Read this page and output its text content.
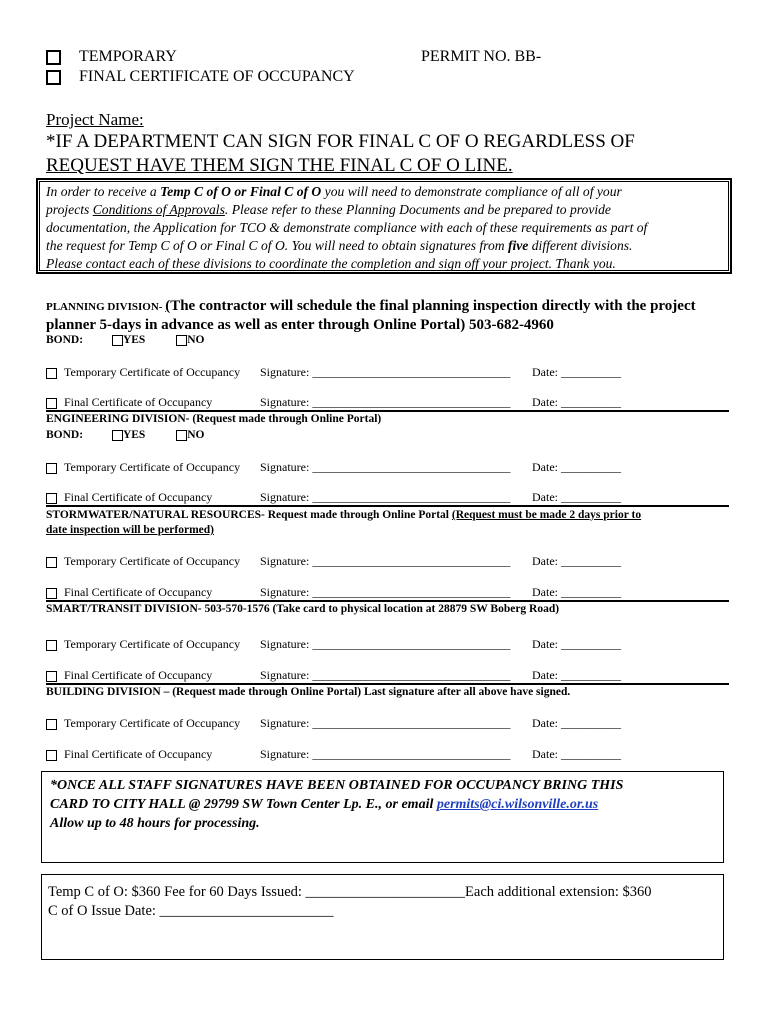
TEMPORARY	PERMIT NO. BB-
FINAL CERTIFICATE OF OCCUPANCY
Project Name:
*IF A DEPARTMENT CAN SIGN FOR FINAL C OF O REGARDLESS OF
REQUEST HAVE THEM SIGN THE FINAL C OF O LINE.
In order to receive a Temp C of O or Final C of O you will need to demonstrate compliance of all of your
projects Conditions of Approvals. Please refer to these Planning Documents and be prepared to provide
documentation, the Application for TCO & demonstrate compliance with each of these requirements as part of
the request for Temp C of O or Final C of O. You will need to obtain signatures from five different divisions.
Please contact each of these divisions to coordinate the completion and sign off your project. Thank you.
PLANNING DIVISION- (The contractor will schedule the final planning inspection directly with the project
planner 5-days in advance as well as enter through Online Portal) 503-682-4960
BOND:	YES	NO
Temporary Certificate of Occupancy Signature: _________________________________ Date: __________
Final Certificate of Occupancy	Signature: _________________________________ Date: __________
ENGINEERING DIVISION- (Request made through Online Portal)
BOND:	YES	NO
Temporary Certificate of Occupancy Signature: _________________________________ Date: __________
Final Certificate of Occupancy	Signature: _________________________________ Date: __________
STORMWATER/NATURAL RESOURCES- Request made through Online Portal (Request must be made 2 days prior to
date inspection will be performed)
Temporary Certificate of Occupancy Signature: _________________________________ Date: __________
Final Certificate of Occupancy	Signature: _________________________________ Date: __________
SMART/TRANSIT DIVISION- 503-570-1576 (Take card to physical location at 28879 SW Boberg Road)
Temporary Certificate of Occupancy Signature: _________________________________ Date: __________
Final Certificate of Occupancy	Signature: _________________________________ Date: __________
BUILDING DIVISION – (Request made through Online Portal) Last signature after all above have signed.
Temporary Certificate of Occupancy Signature: _________________________________ Date: __________
Final Certificate of Occupancy	Signature: _________________________________ Date: __________
*ONCE ALL STAFF SIGNATURES HAVE BEEN OBTAINED FOR OCCUPANCY BRING THIS
CARD TO CITY HALL @ 29799 SW Town Center Lp. E., or email permits@ci.wilsonville.or.us
Allow up to 48 hours for processing.
Temp C of O: $360 Fee for 60 Days Issued: ______________________Each additional extension: $360
C of O Issue Date: ________________________
